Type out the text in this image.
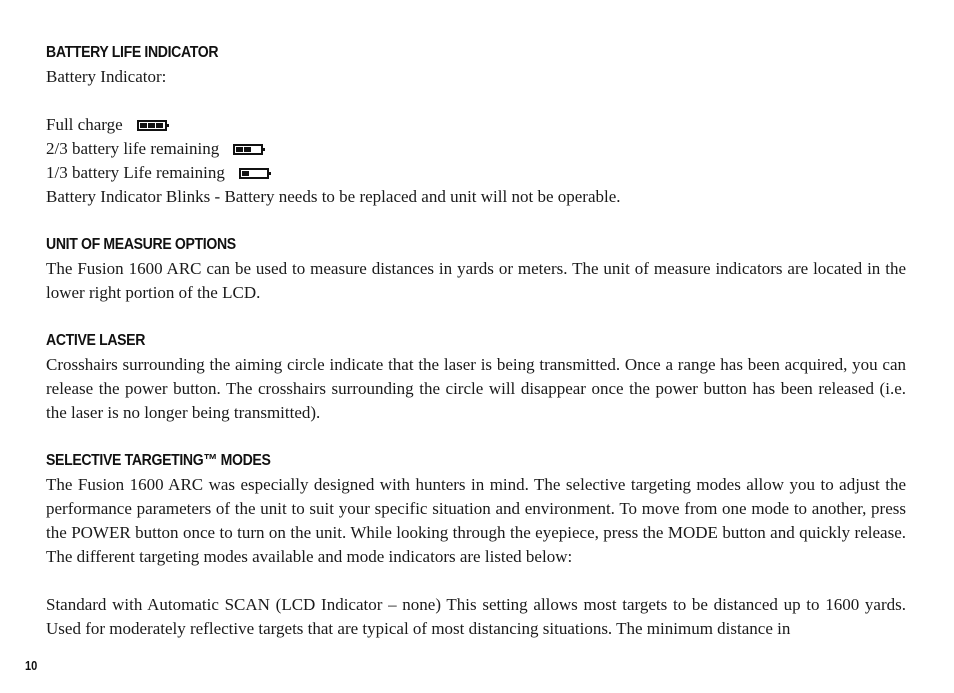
BATTERY LIFE INDICATOR
Battery Indicator:
Full charge
2/3 battery life remaining
1/3 battery Life remaining
Battery Indicator Blinks - Battery needs to be replaced and unit will not be operable.
UNIT OF MEASURE OPTIONS
The Fusion 1600 ARC can be used to measure distances in yards or meters. The unit of measure indicators are located in the lower right portion of the LCD.
ACTIVE LASER
Crosshairs surrounding the aiming circle indicate that the laser is being transmitted. Once a range has been acquired, you can release the power button. The crosshairs surrounding the circle will disappear once the power button has been released (i.e. the laser is no longer being transmitted).
SELECTIVE TARGETING™ MODES
The Fusion 1600 ARC was especially designed with hunters in mind. The selective targeting modes allow you to adjust the performance parameters of the unit to suit your specific situation and environment. To move from one mode to another, press the POWER button once to turn on the unit. While looking through the eyepiece, press the MODE button and quickly release. The different targeting modes available and mode indicators are listed below:
Standard with Automatic SCAN (LCD Indicator – none) This setting allows most targets to be distanced up to 1600 yards. Used for moderately reflective targets that are typical of most distancing situations. The minimum distance in
10
